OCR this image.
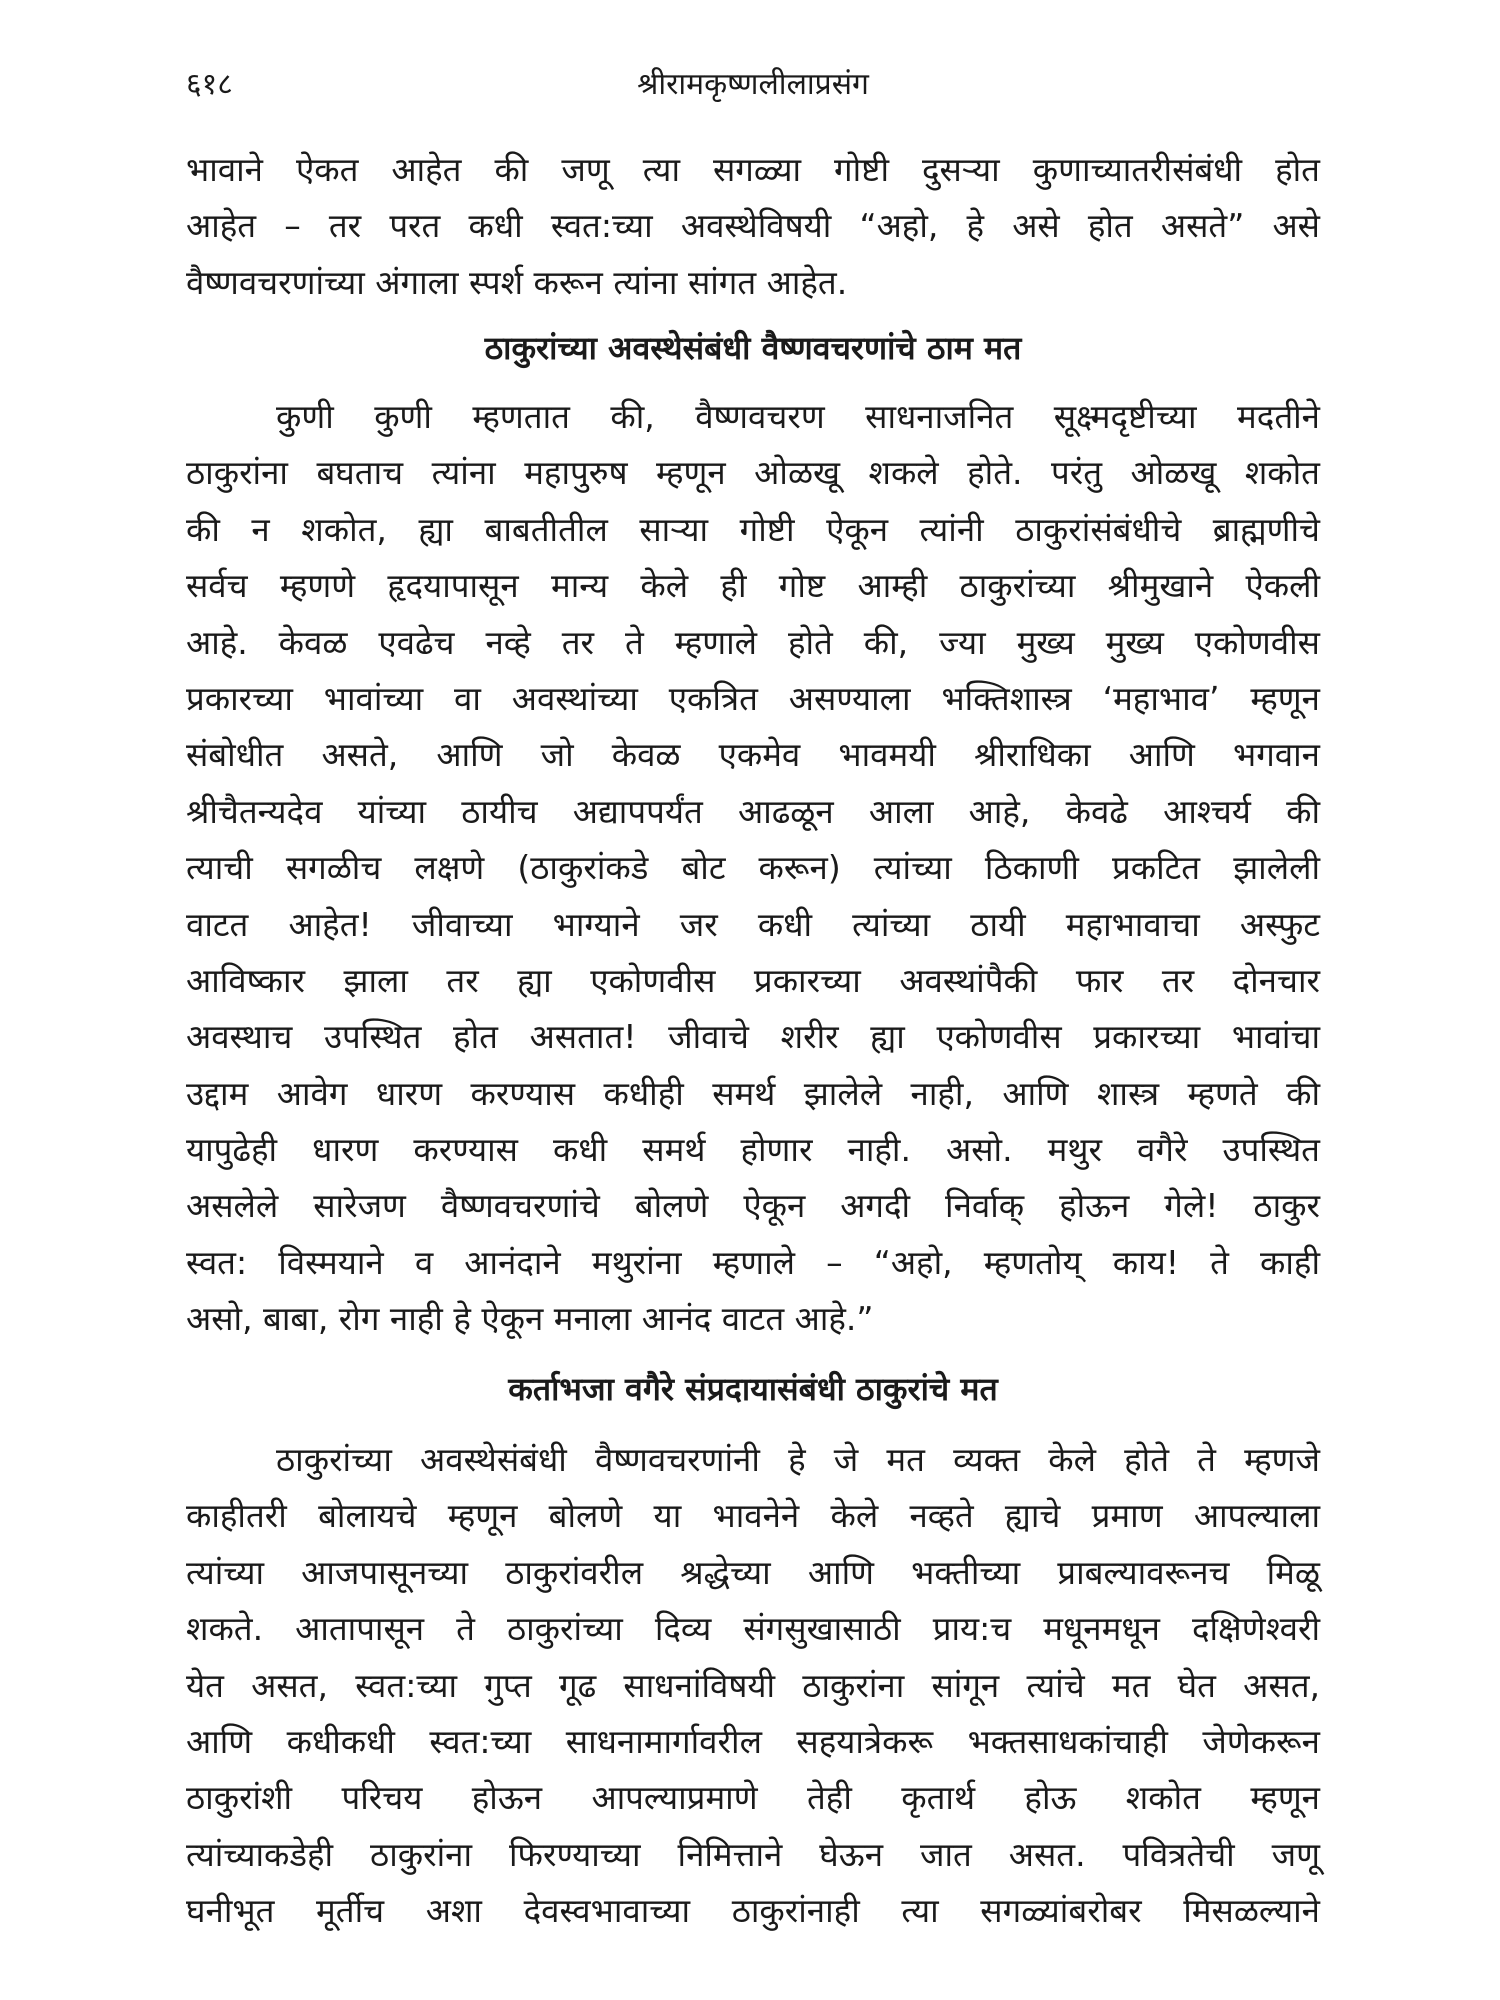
६१८	श्रीरामकृष्णलीलाप्रसंग
भावाने ऐकत आहेत की जणू त्या सगळ्या गोष्टी दुसऱ्या कुणाच्यातरीसंबंधी होत
आहेत – तर परत कधी स्वत:च्या अवस्थेविषयी “अहो, हे असे होत असते” असे
वैष्णवचरणांच्या अंगाला स्पर्श करून त्यांना सांगत आहेत.
ठाकुरांच्या अवस्थेसंबंधी वैष्णवचरणांचे ठाम मत
कुणी कुणी म्हणतात की, वैष्णवचरण साधनाजनित सूक्ष्मदृष्टीच्या मदतीने
ठाकुरांना बघताच त्यांना महापुरुष म्हणून ओळखू शकले होते. परंतु ओळखू शकोत
की न शकोत, ह्या बाबतीतील साऱ्या गोष्टी ऐकून त्यांनी ठाकुरांसंबंधीचे ब्राह्मणीचे
सर्वच म्हणणे हृदयापासून मान्य केले ही गोष्ट आम्ही ठाकुरांच्या श्रीमुखाने ऐकली
आहे. केवळ एवढेच नव्हे तर ते म्हणाले होते की, ज्या मुख्य मुख्य एकोणवीस
प्रकारच्या भावांच्या वा अवस्थांच्या एकत्रित असण्याला भक्तिशास्त्र ‘महाभाव’ म्हणून
संबोधीत असते, आणि जो केवळ एकमेव भावमयी श्रीराधिका आणि भगवान
श्रीचैतन्यदेव यांच्या ठायीच अद्यापपर्यंत आढळून आला आहे, केवढे आश्चर्य की
त्याची सगळीच लक्षणे (ठाकुरांकडे बोट करून) त्यांच्या ठिकाणी प्रकटित झालेली
वाटत आहेत! जीवाच्या भाग्याने जर कधी त्यांच्या ठायी महाभावाचा अस्फुट
आविष्कार झाला तर ह्या एकोणवीस प्रकारच्या अवस्थांपैकी फार तर दोनचार
अवस्थाच उपस्थित होत असतात! जीवाचे शरीर ह्या एकोणवीस प्रकारच्या भावांचा
उद्दाम आवेग धारण करण्यास कधीही समर्थ झालेले नाही, आणि शास्त्र म्हणते की
यापुढेही धारण करण्यास कधी समर्थ होणार नाही. असो. मथुर वगैरे उपस्थित
असलेले सारेजण वैष्णवचरणांचे बोलणे ऐकून अगदी निर्वाक् होऊन गेले! ठाकुर
स्वत: विस्मयाने व आनंदाने मथुरांना म्हणाले – “अहो, म्हणतोय् काय! ते काही
असो, बाबा, रोग नाही हे ऐकून मनाला आनंद वाटत आहे.”
कर्ताभजा वगैरे संप्रदायासंबंधी ठाकुरांचे मत
ठाकुरांच्या अवस्थेसंबंधी वैष्णवचरणांनी हे जे मत व्यक्त केले होते ते म्हणजे
काहीतरी बोलायचे म्हणून बोलणे या भावनेने केले नव्हते ह्याचे प्रमाण आपल्याला
त्यांच्या आजपासूनच्या ठाकुरांवरील श्रद्धेच्या आणि भक्तीच्या प्राबल्यावरूनच मिळू
शकते. आतापासून ते ठाकुरांच्या दिव्य संगसुखासाठी प्राय:च मधूनमधून दक्षिणेश्वरी
येत असत, स्वत:च्या गुप्त गूढ साधनांविषयी ठाकुरांना सांगून त्यांचे मत घेत असत,
आणि कधीकधी स्वत:च्या साधनामार्गावरील सहयात्रेकरू भक्तसाधकांचाही जेणेकरून
ठाकुरांशी परिचय होऊन आपल्याप्रमाणे तेही कृतार्थ होऊ शकोत म्हणून
त्यांच्याकडेही ठाकुरांना फिरण्याच्या निमित्ताने घेऊन जात असत. पवित्रतेची जणू
घनीभूत मूर्तीच अशा देवस्वभावाच्या ठाकुरांनाही त्या सगळ्यांबरोबर मिसळल्याने
